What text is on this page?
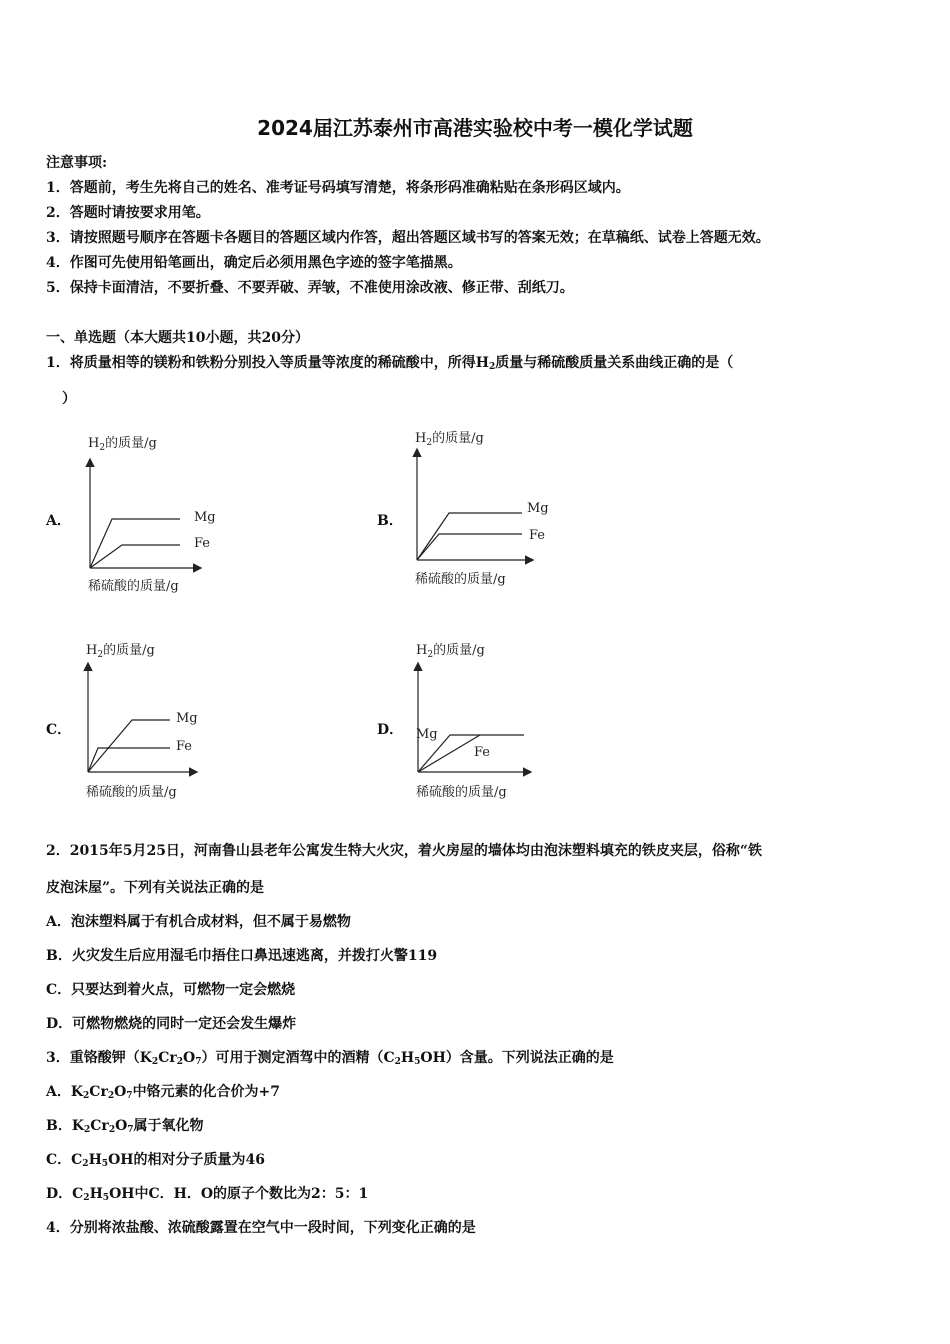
2024届江苏泰州市高港实验校中考一模化学试题
注意事项:
1．答题前，考生先将自己的姓名、准考证号码填写清楚，将条形码准确粘贴在条形码区域内。
2．答题时请按要求用笔。
3．请按照题号顺序在答题卡各题目的答题区域内作答，超出答题区域书写的答案无效；在草稿纸、试卷上答题无效。
4．作图可先使用铅笔画出，确定后必须用黑色字迹的签字笔描黑。
5．保持卡面清洁，不要折叠、不要弄破、弄皱，不准使用涂改液、修正带、刮纸刀。
一、单选题（本大题共10小题，共20分）
1．将质量相等的镁粉和铁粉分别投入等质量等浓度的稀硫酸中，所得$H_2$质量与稀硫酸质量关系曲线正确的是（
）
A．	B．
C．	D．
$H_2$的质量/g
Mg
Fe
稀硫酸的质量/g
$H_2$的质量/g
Mg
Fe
稀硫酸的质量/g
$H_2$的质量/g
Mg
Fe
稀硫酸的质量/g
$H_2$的质量/g
Mg
Fe
稀硫酸的质量/g
2．2015年5月25日，河南鲁山县老年公寓发生特大火灾，着火房屋的墙体均由泡沫塑料填充的铁皮夹层，俗称“铁
皮泡沫屋”。下列有关说法正确的是
A．泡沫塑料属于有机合成材料，但不属于易燃物
B．火灾发生后应用湿毛巾捂住口鼻迅速逃离，并拨打火警119
C．只要达到着火点，可燃物一定会燃烧
D．可燃物燃烧的同时一定还会发生爆炸
3．重铬酸钾$(K_2Cr_2O_7)$可用于测定酒驾中的酒精$(C_2H_5OH)$含量。下列说法正确的是
A．$K_2Cr_2O_7$中铬元素的化合价为+7
B．$K_2Cr_2O_7$属于氧化物
C．$C_2H_5OH$的相对分子质量为46
D．$C_2H_5OH$中C．H．O的原子个数比为2：5：1
4．分别将浓盐酸、浓硫酸露置在空气中一段时间，下列变化正确的是
